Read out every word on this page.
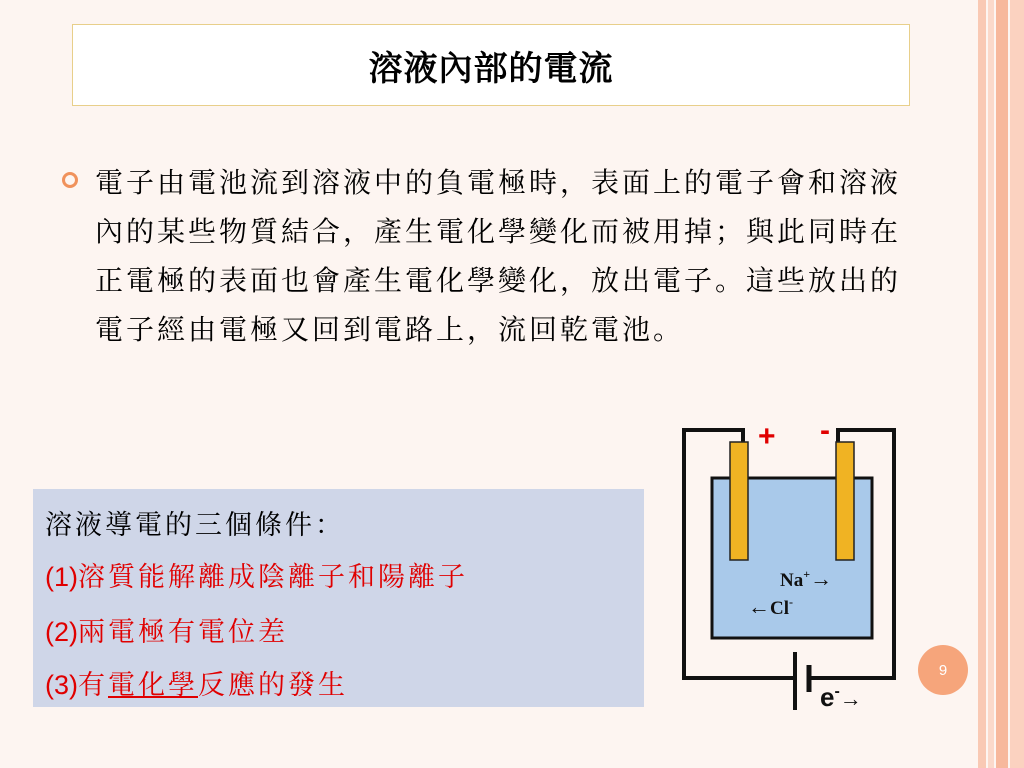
溶液內部的電流
電子由電池流到溶液中的負電極時，表面上的電子會和溶液內的某些物質結合，產生電化學變化而被用掉；與此同時在正電極的表面也會產生電化學變化，放出電子。這些放出的電子經由電極又回到電路上，流回乾電池。
溶液導電的三個條件：
(1)溶質能解離成陰離子和陽離子
(2)兩電極有電位差
(3)有電化學反應的發生
+ -
Na+→
←Cl-
$e^-_\to$
9
